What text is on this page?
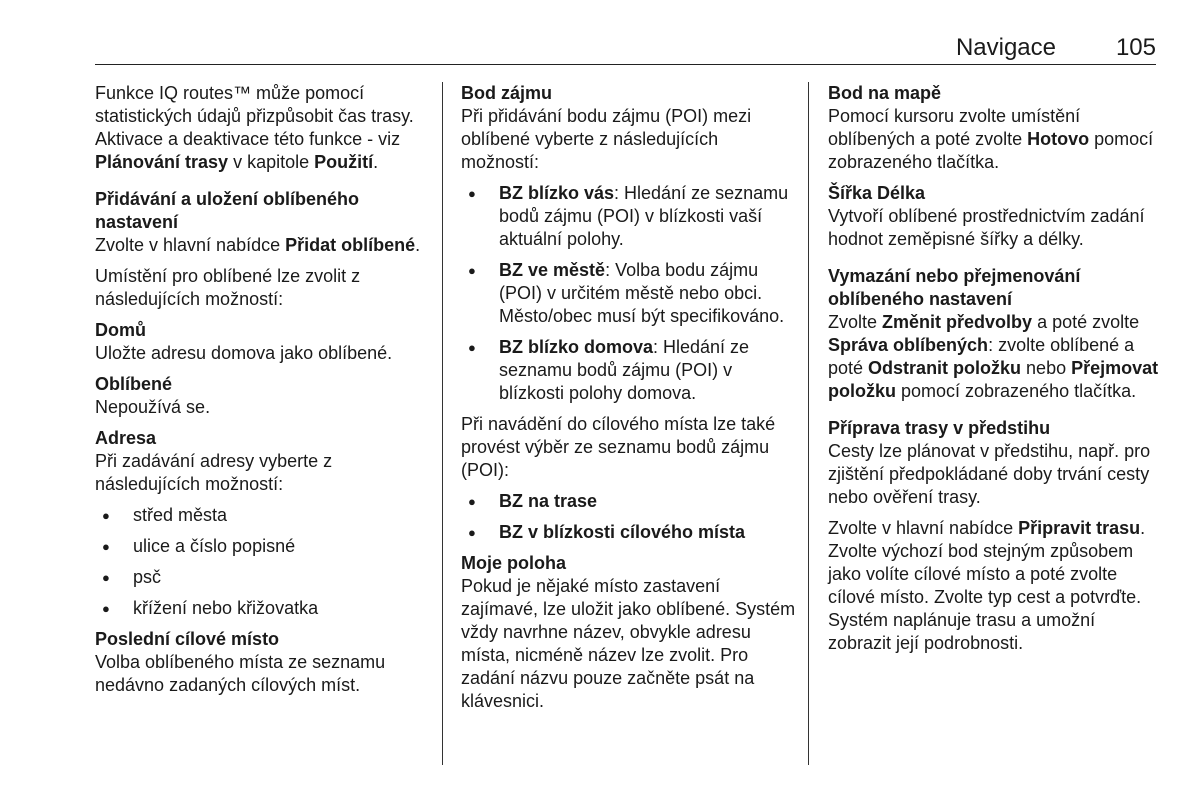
Navigace 105

Funkce IQ routes™ může pomocí statistických údajů přizpůsobit čas trasy. Aktivace a deaktivace této funkce - viz Plánování trasy v kapitole Použití.

Přidávání a uložení oblíbeného nastavení

Zvolte v hlavní nabídce Přidat oblíbené.

Umístění pro oblíbené lze zvolit z následujících možností:

Domů

Uložte adresu domova jako oblíbené.

Oblíbené

Nepoužívá se.

Adresa

Při zadávání adresy vyberte z následujících možností:

● střed města
● ulice a číslo popisné
● psč
● křížení nebo křižovatka

Poslední cílové místo

Volba oblíbeného místa ze seznamu nedávno zadaných cílových míst.

Bod zájmu

Při přidávání bodu zájmu (POI) mezi oblíbené vyberte z následujících možností:

● BZ blízko vás: Hledání ze seznamu bodů zájmu (POI) v blízkosti vaší aktuální polohy.
● BZ ve městě: Volba bodu zájmu (POI) v určitém městě nebo obci. Město/obec musí být specifikováno.
● BZ blízko domova: Hledání ze seznamu bodů zájmu (POI) v blízkosti polohy domova.

Při navádění do cílového místa lze také provést výběr ze seznamu bodů zájmu (POI):

● BZ na trase
● BZ v blízkosti cílového místa

Moje poloha

Pokud je nějaké místo zastavení zajímavé, lze uložit jako oblíbené. Systém vždy navrhne název, obvykle adresu místa, nicméně název lze zvolit. Pro zadání názvu pouze začněte psát na klávesnici.

Bod na mapě

Pomocí kursoru zvolte umístění oblíbených a poté zvolte Hotovo pomocí zobrazeného tlačítka.

Šířka Délka

Vytvoří oblíbené prostřednictvím zadání hodnot zeměpisné šířky a délky.

Vymazání nebo přejmenování oblíbeného nastavení

Zvolte Změnit předvolby a poté zvolte Správa oblíbených: zvolte oblíbené a poté Odstranit položku nebo Přejmovat položku pomocí zobrazeného tlačítka.

Příprava trasy v předstihu

Cesty lze plánovat v předstihu, např. pro zjištění předpokládané doby trvání cesty nebo ověření trasy.

Zvolte v hlavní nabídce Připravit trasu. Zvolte výchozí bod stejným způsobem jako volíte cílové místo a poté zvolte cílové místo. Zvolte typ cest a potvrďte. Systém naplánuje trasu a umožní zobrazit její podrobnosti.
